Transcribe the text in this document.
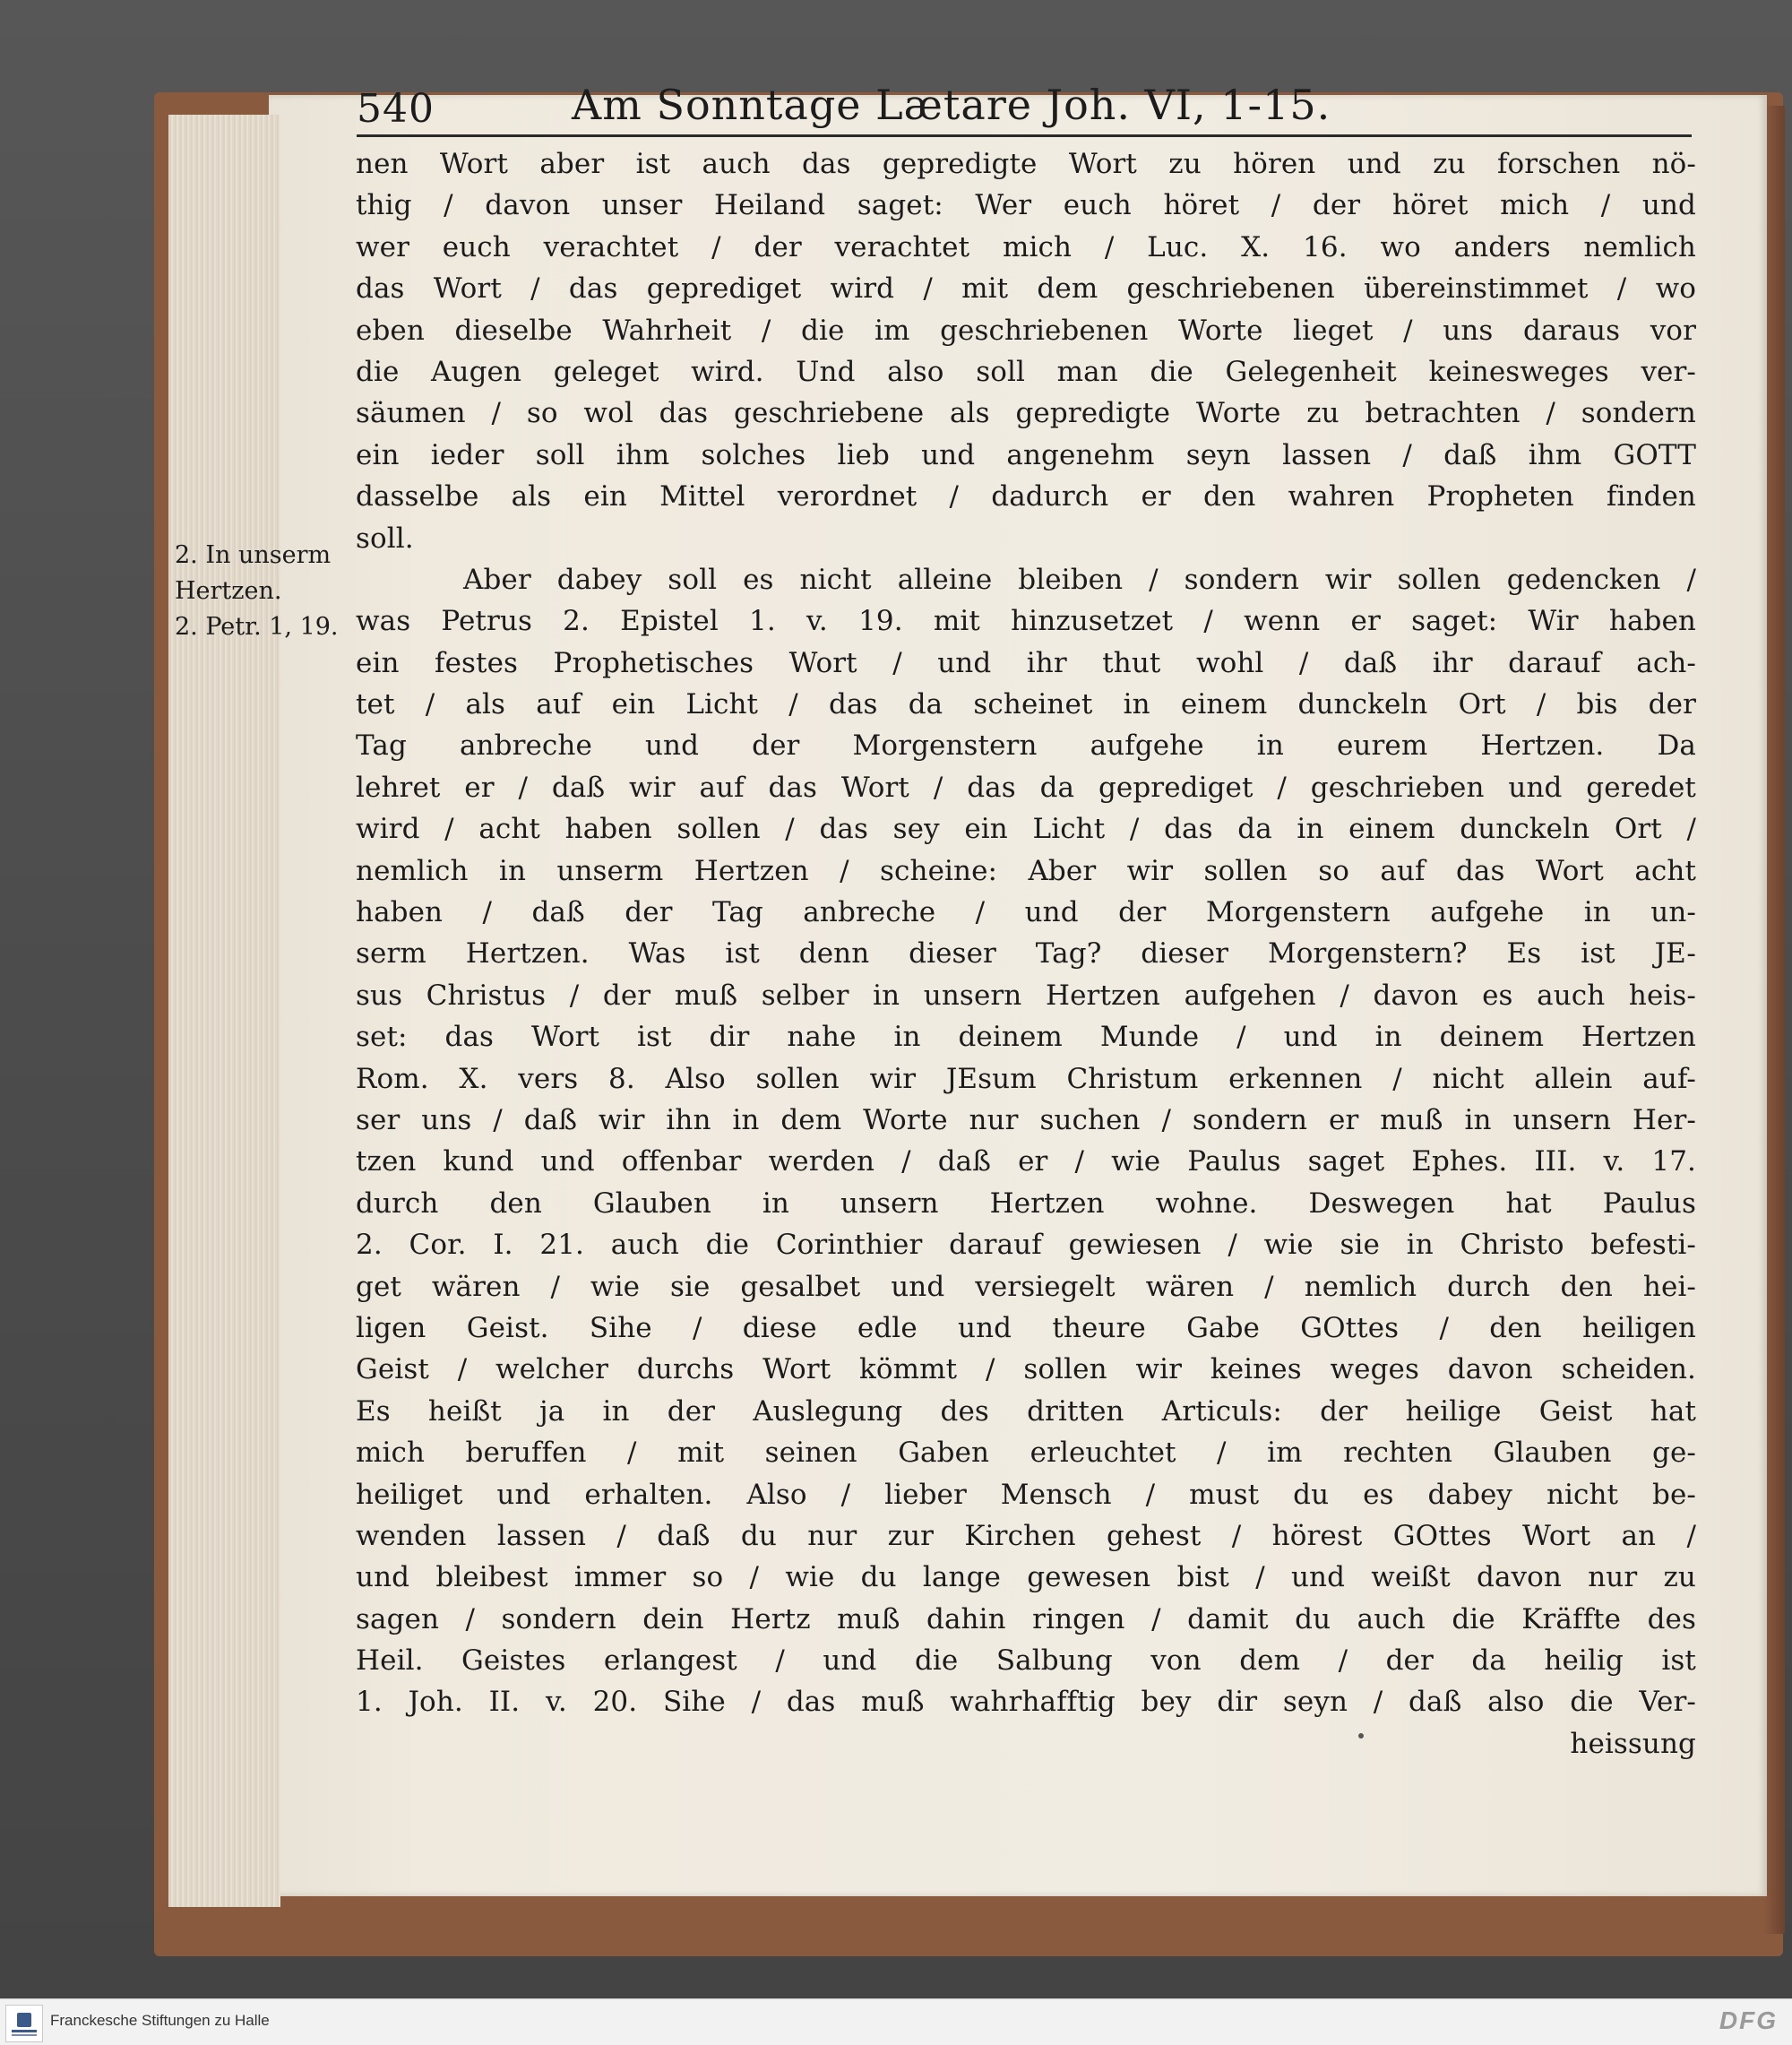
540	Am Sonntage Lætare Joh. VI, 1-15.
2. In unserm
Hertzen.
2. Petr. 1, 19.
nen Wort aber ist auch das gepredigte Wort zu hören und zu forschen nö-
thig / davon unser Heiland saget: Wer euch höret / der höret mich / und
wer euch verachtet / der verachtet mich / Luc. X. 16. wo anders nemlich
das Wort / das geprediget wird / mit dem geschriebenen übereinstimmet / wo
eben dieselbe Wahrheit / die im geschriebenen Worte lieget / uns daraus vor
die Augen geleget wird. Und also soll man die Gelegenheit keinesweges ver-
säumen / so wol das geschriebene als gepredigte Worte zu betrachten / sondern
ein ieder soll ihm solches lieb und angenehm seyn lassen / daß ihm GOTT
dasselbe als ein Mittel verordnet / dadurch er den wahren Propheten finden
soll.
Aber dabey soll es nicht alleine bleiben / sondern wir sollen gedencken /
was Petrus 2. Epistel 1. v. 19. mit hinzusetzet / wenn er saget: Wir haben
ein festes Prophetisches Wort / und ihr thut wohl / daß ihr darauf ach-
tet / als auf ein Licht / das da scheinet in einem dunckeln Ort / bis der
Tag anbreche und der Morgenstern aufgehe in eurem Hertzen. Da
lehret er / daß wir auf das Wort / das da geprediget / geschrieben und geredet
wird / acht haben sollen / das sey ein Licht / das da in einem dunckeln Ort /
nemlich in unserm Hertzen / scheine: Aber wir sollen so auf das Wort acht
haben / daß der Tag anbreche / und der Morgenstern aufgehe in un-
serm Hertzen. Was ist denn dieser Tag? dieser Morgenstern? Es ist JE-
sus Christus / der muß selber in unsern Hertzen aufgehen / davon es auch heis-
set: das Wort ist dir nahe in deinem Munde / und in deinem Hertzen
Rom. X. vers 8. Also sollen wir JEsum Christum erkennen / nicht allein auf-
ser uns / daß wir ihn in dem Worte nur suchen / sondern er muß in unsern Her-
tzen kund und offenbar werden / daß er / wie Paulus saget Ephes. III. v. 17.
durch den Glauben in unsern Hertzen wohne. Deswegen hat Paulus
2. Cor. I. 21. auch die Corinthier darauf gewiesen / wie sie in Christo befesti-
get wären / wie sie gesalbet und versiegelt wären / nemlich durch den hei-
ligen Geist. Sihe / diese edle und theure Gabe GOttes / den heiligen
Geist / welcher durchs Wort kömmt / sollen wir keines weges davon scheiden.
Es heißt ja in der Auslegung des dritten Articuls: der heilige Geist hat
mich beruffen / mit seinen Gaben erleuchtet / im rechten Glauben ge-
heiliget und erhalten. Also / lieber Mensch / must du es dabey nicht be-
wenden lassen / daß du nur zur Kirchen gehest / hörest GOttes Wort an /
und bleibest immer so / wie du lange gewesen bist / und weißt davon nur zu
sagen / sondern dein Hertz muß dahin ringen / damit du auch die Kräffte des
Heil. Geistes erlangest / und die Salbung von dem / der da heilig ist
1. Joh. II. v. 20. Sihe / das muß wahrhafftig bey dir seyn / daß also die Ver-
heissung
Franckesche Stiftungen zu Halle	DFG
